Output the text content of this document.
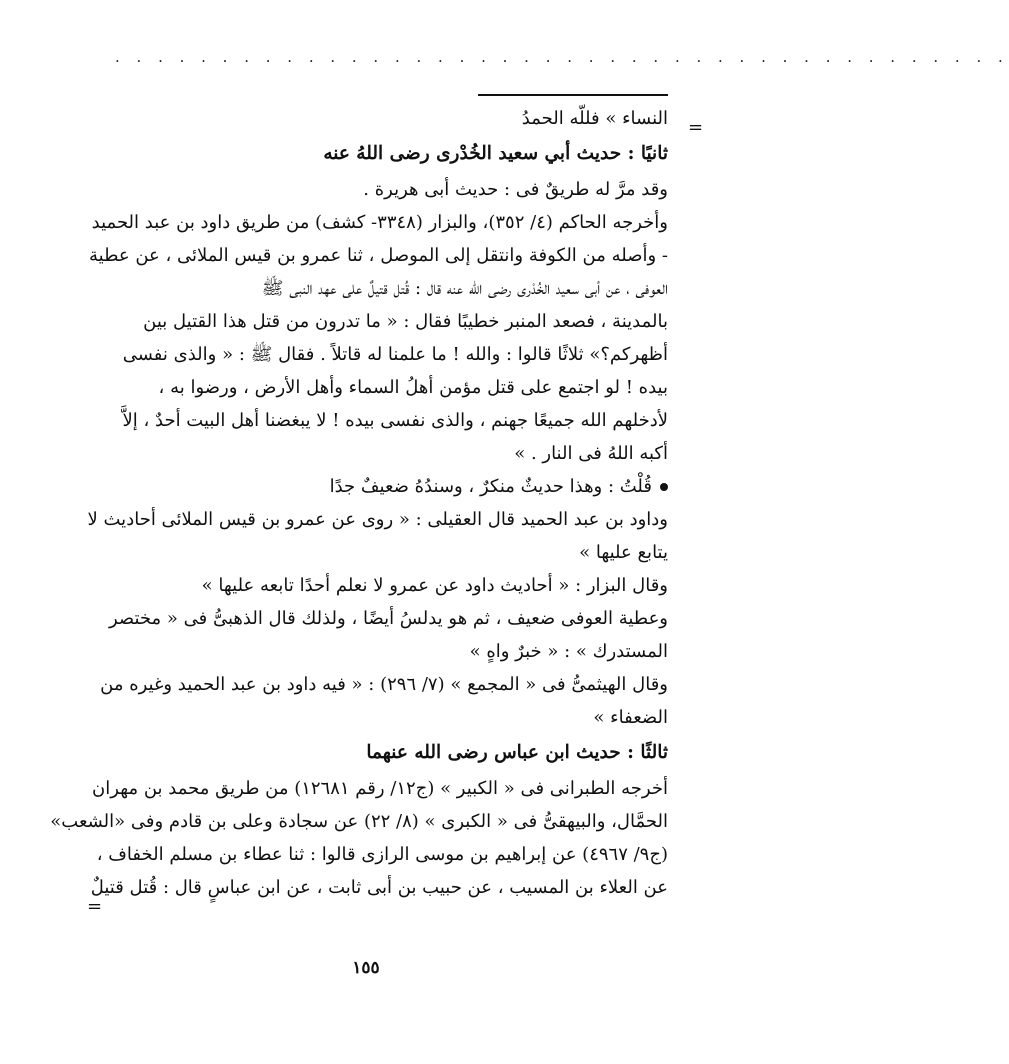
· · · · · · · · · · · · · · · · · · · · · · · · · · · · · · · · · · · · · · · · · ·
=
=
النساء » فللّه الحمدُ
ثانيًا : حديث أبي سعيد الخُدْرى رضى اللهُ عنه
وقد مرَّ له طريقٌ فى : حديث أبى هريرة .
وأخرجه الحاكم (٤/ ٣٥٢)، والبزار (٣٣٤٨- كشف) من طريق داود بن عبد الحميد
- وأصله من الكوفة وانتقل إلى الموصل ، ثنا عمرو بن قيس الملائى ، عن عطية
العوفى ، عن أبى سعيد الخُدْرى رضى الله عنه قال : قُتل قتيلٌ على عهد النبى ﷺ
بالمدينة ، فصعد المنبر خطيبًا فقال : « ما تدرون من قتل هذا القتيل بين
أظهركم؟» ثلاثًا قالوا : والله ! ما علمنا له قاتلاً . فقال ﷺ : « والذى نفسى
بيده ! لو اجتمع على قتل مؤمن أهلُ السماء وأهل الأرض ، ورضوا به ،
لأدخلهم الله جميعًا جهنم ، والذى نفسى بيده ! لا يبغضنا أهل البيت أحدٌ ، إلاَّ
أكبه اللهُ فى النار . »
قُلْتُ : وهذا حديثٌ منكرٌ ، وسندُهُ ضعيفٌ جدًا
وداود بن عبد الحميد قال العقيلى : « روى عن عمرو بن قيس الملائى أحاديث لا
يتابع عليها »
وقال البزار : « أحاديث داود عن عمرو لا نعلم أحدًا تابعه عليها »
وعطية العوفى ضعيف ، ثم هو يدلسُ أيضًا ، ولذلك قال الذهبىُّ فى « مختصر
المستدرك » : « خبرٌ واهٍ »
وقال الهيثمىُّ فى « المجمع » (٧/ ٢٩٦) : « فيه داود بن عبد الحميد وغيره من
الضعفاء »
ثالثًا : حديث ابن عباس رضى الله عنهما
أخرجه الطبرانى فى « الكبير » (ج١٢/ رقم ١٢٦٨١) من طريق محمد بن مهران
الحمَّال، والبيهقىُّ فى « الكبرى » (٨/ ٢٢) عن سجادة وعلى بن قادم وفى «الشعب»
(ج٩/ ٤٩٦٧) عن إبراهيم بن موسى الرازى قالوا : ثنا عطاء بن مسلم الخفاف ،
عن العلاء بن المسيب ، عن حبيب بن أبى ثابت ، عن ابن عباسٍ قال : قُتل قتيلٌ
١٥٥
